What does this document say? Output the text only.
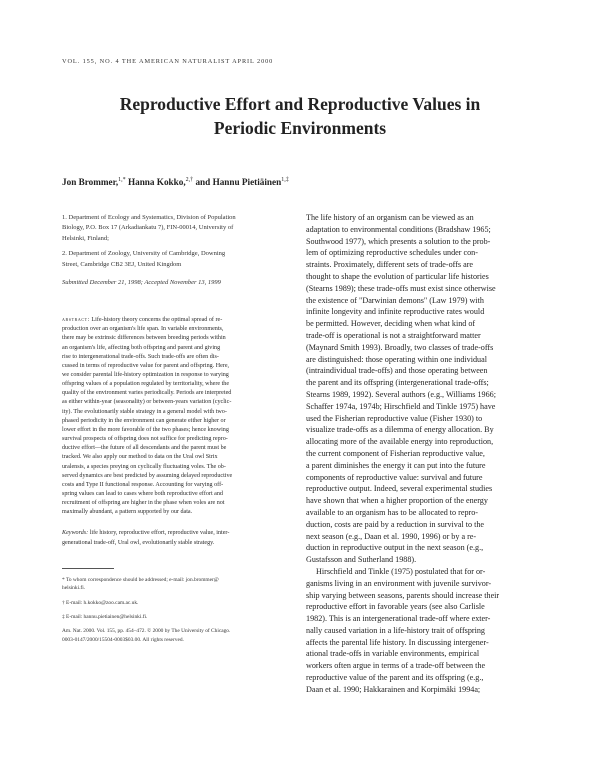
VOL. 155, NO. 4 THE AMERICAN NATURALIST APRIL 2000
Reproductive Effort and Reproductive Values in
Periodic Environments
Jon Brommer,$^{1,*}$ Hanna Kokko,$^{2,\dagger}$ and Hannu Pietiäinen$^{1,\ddagger}$
1. Department of Ecology and Systematics, Division of Population
Biology, P.O. Box 17 (Arkadiankatu 7), FIN-00014, University of
Helsinki, Finland;
2. Department of Zoology, University of Cambridge, Downing
Street, Cambridge CB2 3EJ, United Kingdom
Submitted December 21, 1998; Accepted November 13, 1999
abstract: Life-history theory concerns the optimal spread of re-
production over an organism's life span. In variable environments,
there may be extrinsic differences between breeding periods within
an organism's life, affecting both offspring and parent and giving
rise to intergenerational trade-offs. Such trade-offs are often dis-
cussed in terms of reproductive value for parent and offspring. Here,
we consider parental life-history optimization in response to varying
offspring values of a population regulated by territoriality, where the
quality of the environment varies periodically. Periods are interpreted
as either within-year (seasonality) or between-years variation (cyclic-
ity). The evolutionarily stable strategy in a general model with two-
phased periodicity in the environment can generate either higher or
lower effort in the more favorable of the two phases; hence knowing
survival prospects of offspring does not suffice for predicting repro-
ductive effort—the future of all descendants and the parent must be
tracked. We also apply our method to data on the Ural owl Strix
uralensis, a species preying on cyclically fluctuating voles. The ob-
served dynamics are best predicted by assuming delayed reproductive
costs and Type II functional response. Accounting for varying off-
spring values can lead to cases where both reproductive effort and
recruitment of offspring are higher in the phase when voles are not
maximally abundant, a pattern supported by our data.
Keywords: life history, reproductive effort, reproductive value, inter-
generational trade-off, Ural owl, evolutionarily stable strategy.
* To whom correspondence should be addressed; e-mail: jon.brommer@
helsinki.fi.
† E-mail: h.kokko@zoo.cam.ac.uk.
‡ E-mail: hannu.pietiainen@helsinki.fi.
Am. Nat. 2000. Vol. 155, pp. 454–472. © 2000 by The University of Chicago.
0003-0147/2000/15504-0003$03.00. All rights reserved.
The life history of an organism can be viewed as an
adaptation to environmental conditions (Bradshaw 1965;
Southwood 1977), which presents a solution to the prob-
lem of optimizing reproductive schedules under con-
straints. Proximately, different sets of trade-offs are
thought to shape the evolution of particular life histories
(Stearns 1989); these trade-offs must exist since otherwise
the existence of "Darwinian demons" (Law 1979) with
infinite longevity and infinite reproductive rates would
be permitted. However, deciding when what kind of
trade-off is operational is not a straightforward matter
(Maynard Smith 1993). Broadly, two classes of trade-offs
are distinguished: those operating within one individual
(intraindividual trade-offs) and those operating between
the parent and its offspring (intergenerational trade-offs;
Stearns 1989, 1992). Several authors (e.g., Williams 1966;
Schaffer 1974a, 1974b; Hirschfield and Tinkle 1975) have
used the Fisherian reproductive value (Fisher 1930) to
visualize trade-offs as a dilemma of energy allocation. By
allocating more of the available energy into reproduction,
the current component of Fisherian reproductive value,
a parent diminishes the energy it can put into the future
components of reproductive value: survival and future
reproductive output. Indeed, several experimental studies
have shown that when a higher proportion of the energy
available to an organism has to be allocated to repro-
duction, costs are paid by a reduction in survival to the
next season (e.g., Daan et al. 1990, 1996) or by a re-
duction in reproductive output in the next season (e.g.,
Gustafsson and Sutherland 1988).
Hirschfield and Tinkle (1975) postulated that for or-
ganisms living in an environment with juvenile survivor-
ship varying between seasons, parents should increase their
reproductive effort in favorable years (see also Carlisle
1982). This is an intergenerational trade-off where exter-
nally caused variation in a life-history trait of offspring
affects the parental life history. In discussing intergener-
ational trade-offs in variable environments, empirical
workers often argue in terms of a trade-off between the
reproductive value of the parent and its offspring (e.g.,
Daan et al. 1990; Hakkarainen and Korpimäki 1994a;
